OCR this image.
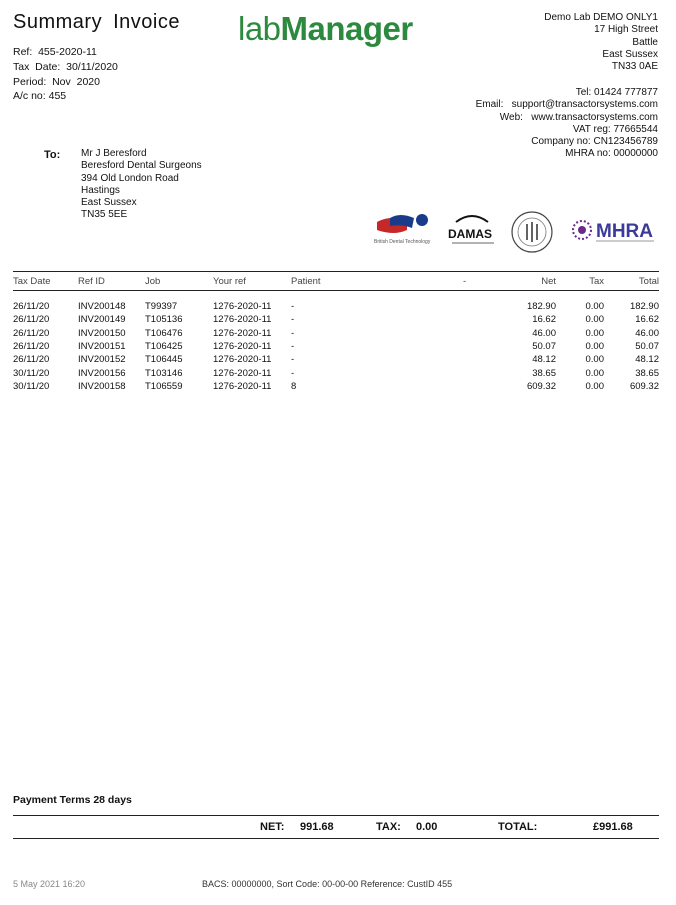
Summary Invoice
Ref:  455-2020-11
Tax  Date:  30/11/2020
Period:  Nov  2020
A/c no: 455
labManager	Demo Lab DEMO ONLY1
17 High Street
Battle
East Sussex
TN33 0AE
Tel: 01424 777877
Email:   support@transactorsystems.com
Web:   www.transactorsystems.com
VAT reg: 77665544
Company no: CN123456789
MHRA no: 00000000
To: Mr J Beresford
Beresford Dental Surgeons
394 Old London Road
Hastings
East Sussex
TN35 5EE
British Dental Technology
DAMAS	MHRA
Tax Date	Ref ID	Job	Your ref	Patient	-	Net	Tax	Total
26/11/20	INV200148	T99397	1276-2020-11	-		182.90	0.00	182.90
26/11/20	INV200149	T105136	1276-2020-11	-		16.62	0.00	16.62
26/11/20	INV200150	T106476	1276-2020-11	-		46.00	0.00	46.00
26/11/20	INV200151	T106425	1276-2020-11	-		50.07	0.00	50.07
26/11/20	INV200152	T106445	1276-2020-11	-		48.12	0.00	48.12
30/11/20	INV200156	T103146	1276-2020-11	-		38.65	0.00	38.65
30/11/20	INV200158	T106559	1276-2020-11	8		609.32	0.00	609.32
Payment Terms 28 days
NET: 991.68	TAX: 0.00	TOTAL:	£991.68
5 May 2021 16:20	BACS: 00000000, Sort Code: 00-00-00 Reference: CustID 455
